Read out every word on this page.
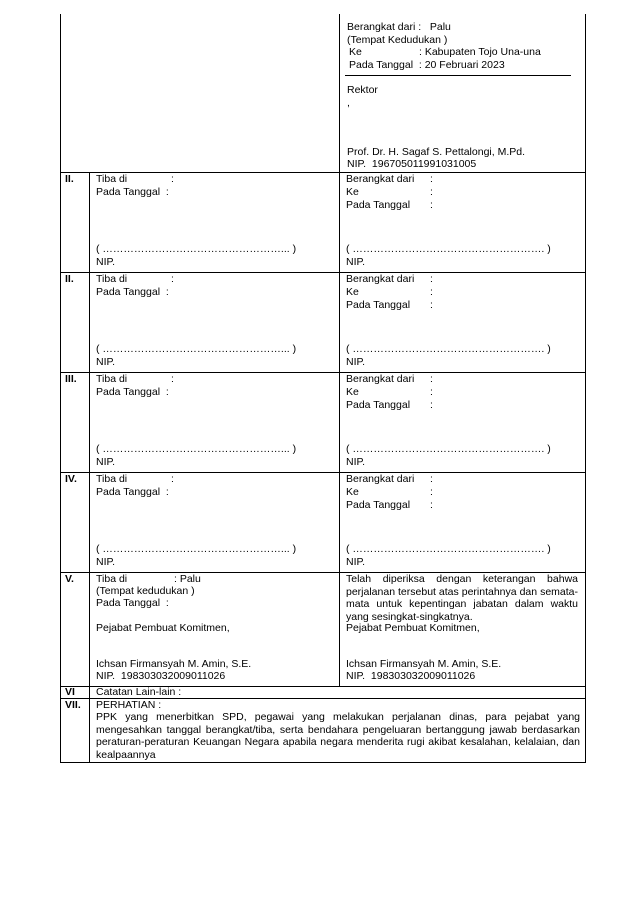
Berangkat dari :   Palu
(Tempat Kedudukan )
Ke	: Kabupaten Tojo Una-una
Pada Tanggal  : 20 Februari 2023
Rektor
,
Prof. Dr. H. Sagaf S. Pettalongi, M.Pd.
NIP.  196705011991031005
II. Tiba di	:
Pada Tanggal  :
( ……………………………………………... )
NIP.
Berangkat dari :
Ke	:
Pada Tanggal :
( ………………………………………………. )
NIP.
II. Tiba di	:
Pada Tanggal  :
( ……………………………………………... )
NIP.
Berangkat dari :
Ke	:
Pada Tanggal :
( ………………………………………………. )
NIP.
III. Tiba di	:
Pada Tanggal  :
( ……………………………………………... )
NIP.
Berangkat dari :
Ke	:
Pada Tanggal :
( ………………………………………………. )
NIP.
IV. Tiba di	:
Pada Tanggal  :
( ……………………………………………... )
NIP.
Berangkat dari :
Ke	:
Pada Tanggal :
( ………………………………………………. )
NIP.
V. Tiba di	: Palu
(Tempat kedudukan )
Pada Tanggal  :
Pejabat Pembuat Komitmen,
Ichsan Firmansyah M. Amin, S.E.
NIP.  198303032009011026
Telah diperiksa dengan keterangan bahwa perjalanan tersebut atas perintahnya dan semata-mata untuk kepentingan jabatan dalam waktu yang sesingkat-singkatnya.
Pejabat Pembuat Komitmen,
Ichsan Firmansyah M. Amin, S.E.
NIP.  198303032009011026
VI Catatan Lain-lain :
VII. PERHATIAN :
PPK yang menerbitkan SPD, pegawai yang melakukan perjalanan dinas, para pejabat yang mengesahkan tanggal berangkat/tiba, serta bendahara pengeluaran bertanggung jawab berdasarkan peraturan-peraturan Keuangan Negara apabila negara menderita rugi akibat kesalahan, kelalaian, dan kealpaannya
